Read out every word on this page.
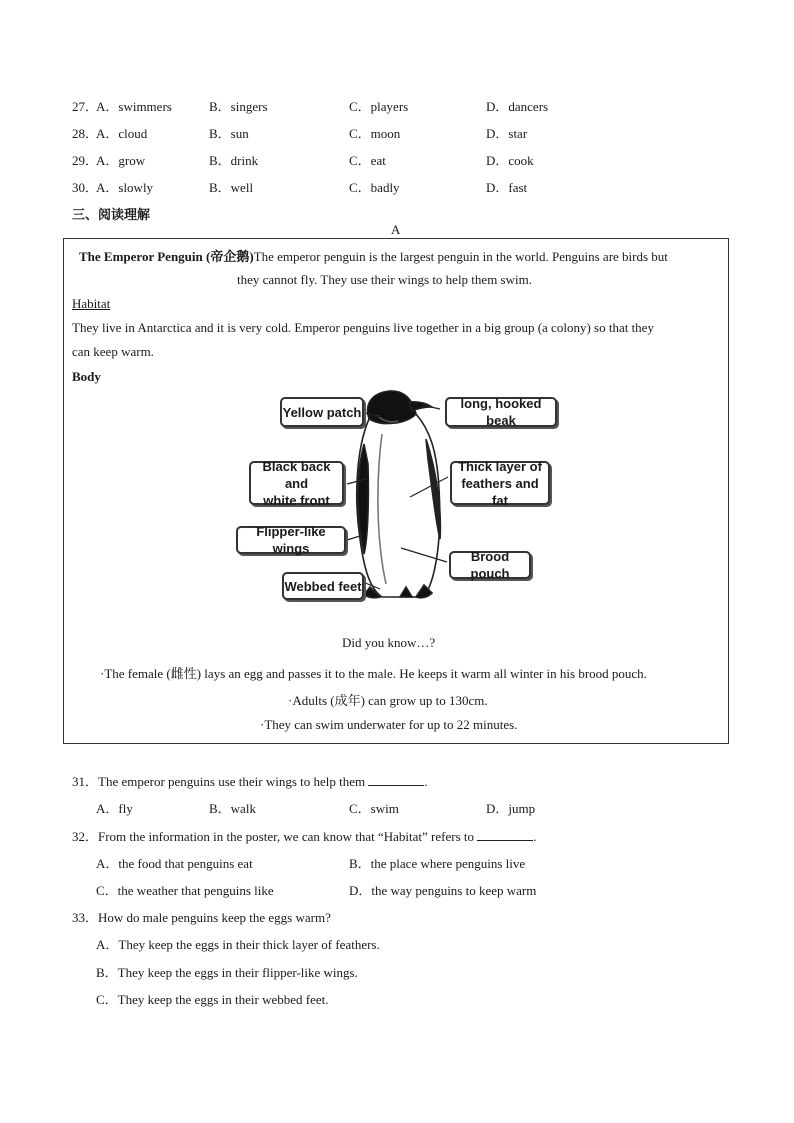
27．
A．swimmers	B．singers	C．players	D．dancers
28．
A．cloud	B．sun	C．moon	D．star
29．
A．grow	B．drink	C．eat	D．cook
30．
A．slowly	B．well	C．badly	D．fast
三、阅读理解
A
The Emperor Penguin (帝企鹅)The emperor penguin is the largest penguin in the world. Penguins are birds but
they cannot fly. They use their wings to help them swim.
Habitat
They live in Antarctica and it is very cold. Emperor penguins live together in a big group (a colony) so that they
can keep warm.
Body
Yellow patch
long, hooked beak
Black back and
white front
Thick layer of
feathers and fat
Flipper-like wings
Brood pouch
Webbed feet
Did you know…?
·The female (雌性) lays an egg and passes it to the male. He keeps it warm all winter in his brood pouch.
·Adults (成年) can grow up to 130cm.
·They can swim underwater for up to 22 minutes.
31．The emperor penguins use their wings to help them	.
A．fly	B．walk	C．swim	D．jump
32．From the information in the poster, we can know that “Habitat” refers to	.
A．the food that penguins eat	B．the place where penguins live
C．the weather that penguins like	D．the way penguins to keep warm
33．How do male penguins keep the eggs warm?
A．They keep the eggs in their thick layer of feathers.
B．They keep the eggs in their flipper-like wings.
C．They keep the eggs in their webbed feet.
